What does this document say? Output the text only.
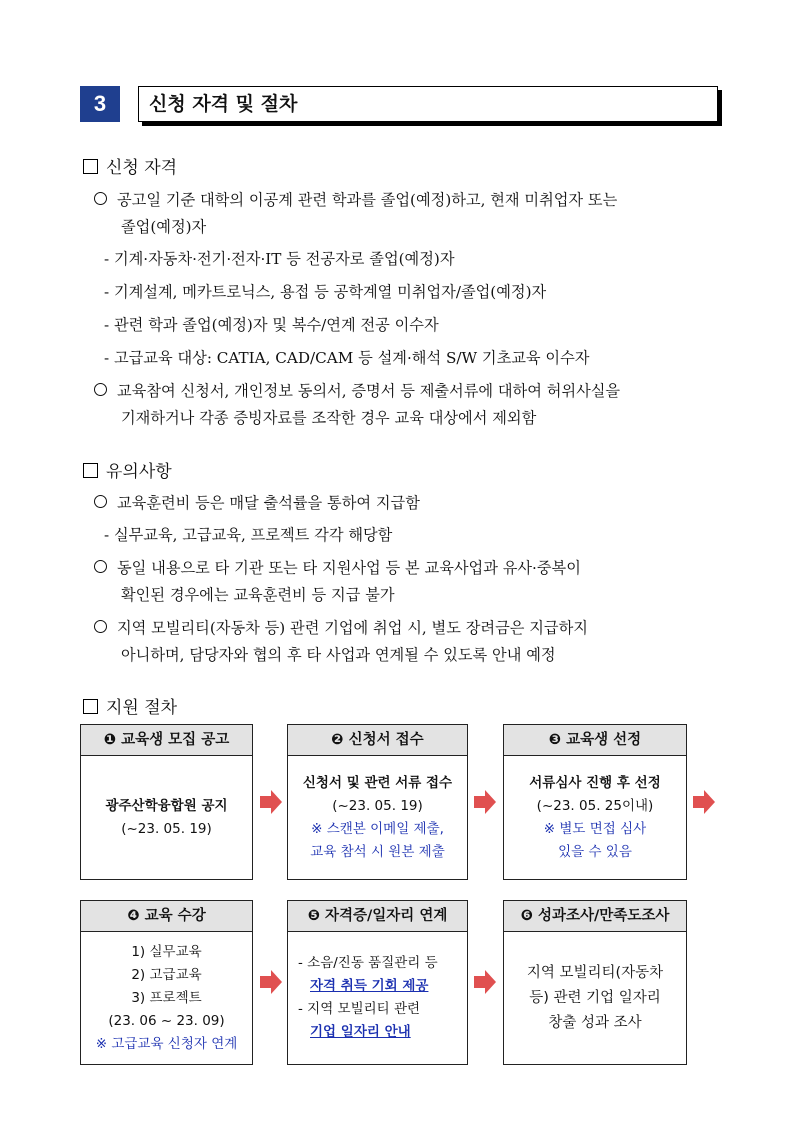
3	신청 자격 및 절차
신청 자격
공고일 기준 대학의 이공계 관련 학과를 졸업(예정)하고, 현재 미취업자 또는
졸업(예정)자
- 기계·자동차·전기·전자·IT 등 전공자로 졸업(예정)자
- 기계설계, 메카트로닉스, 용접 등 공학계열 미취업자/졸업(예정)자
- 관련 학과 졸업(예정)자 및 복수/연계 전공 이수자
- 고급교육 대상: CATIA, CAD/CAM 등 설계·해석 S/W 기초교육 이수자
교육참여 신청서, 개인정보 동의서, 증명서 등 제출서류에 대하여 허위사실을
기재하거나 각종 증빙자료를 조작한 경우 교육 대상에서 제외함
유의사항
교육훈련비 등은 매달 출석률을 통하여 지급함
- 실무교육, 고급교육, 프로젝트 각각 해당함
동일 내용으로 타 기관 또는 타 지원사업 등 본 교육사업과 유사·중복이
확인된 경우에는 교육훈련비 등 지급 불가
지역 모빌리티(자동차 등) 관련 기업에 취업 시, 별도 장려금은 지급하지
아니하며, 담당자와 협의 후 타 사업과 연계될 수 있도록 안내 예정
지원 절차
❶ 교육생 모집 공고
광주산학융합원 공지
(~23. 05. 19)
❷ 신청서 접수
신청서 및 관련 서류 접수
(~23. 05. 19)
※ 스캔본 이메일 제출,
교육 참석 시 원본 제출
❸ 교육생 선정
서류심사 진행 후 선정
(~23. 05. 25이내)
※ 별도 면접 심사
있을 수 있음
❹ 교육 수강
1) 실무교육
2) 고급교육
3) 프로젝트
(23. 06 ~ 23. 09)
※ 고급교육 신청자 연계
❺ 자격증/일자리 연계
- 소음/진동 품질관리 등
자격 취득 기회 제공
- 지역 모빌리티 관련
기업 일자리 안내
❻ 성과조사/만족도조사
지역 모빌리티(자동차
등) 관련 기업 일자리
창출 성과 조사
